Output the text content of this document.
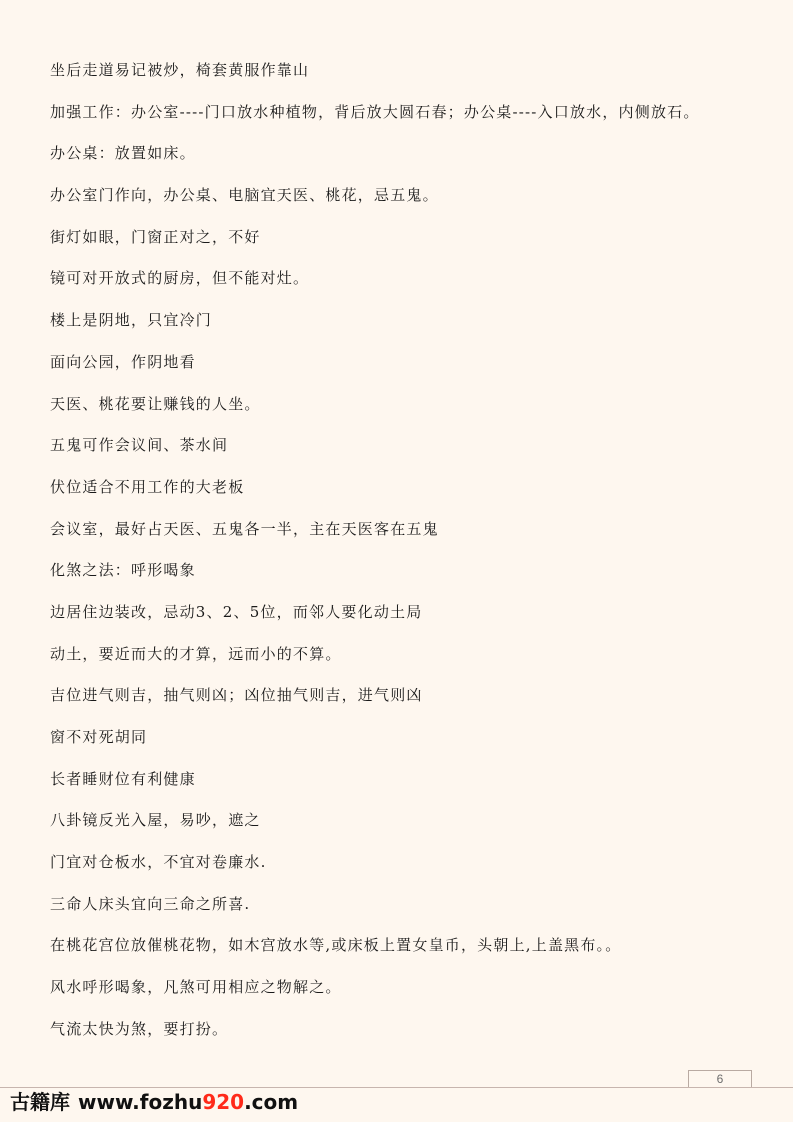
坐后走道易记被炒，椅套黄服作靠山
加强工作：办公室----门口放水种植物，背后放大圆石春；办公桌----入口放水，内侧放石。
办公桌：放置如床。
办公室门作向，办公桌、电脑宜天医、桃花，忌五鬼。
街灯如眼，门窗正对之，不好
镜可对开放式的厨房，但不能对灶。
楼上是阴地，只宜冷门
面向公园，作阴地看
天医、桃花要让赚钱的人坐。
五鬼可作会议间、茶水间
伏位适合不用工作的大老板
会议室，最好占天医、五鬼各一半，主在天医客在五鬼
化煞之法：呼形喝象
边居住边装改，忌动3、2、5位，而邻人要化动土局
动土，要近而大的才算，远而小的不算。
吉位进气则吉，抽气则凶；凶位抽气则吉，进气则凶
窗不对死胡同
长者睡财位有利健康
八卦镜反光入屋，易吵，遮之
门宜对仓板水，不宜对卷廉水.
三命人床头宜向三命之所喜.
在桃花宫位放催桃花物，如木宫放水等,或床板上置女皇币，头朝上,上盖黑布。。
风水呼形喝象，凡煞可用相应之物解之。
气流太快为煞，要打扮。
6
古籍库 www.fozhu920.com
